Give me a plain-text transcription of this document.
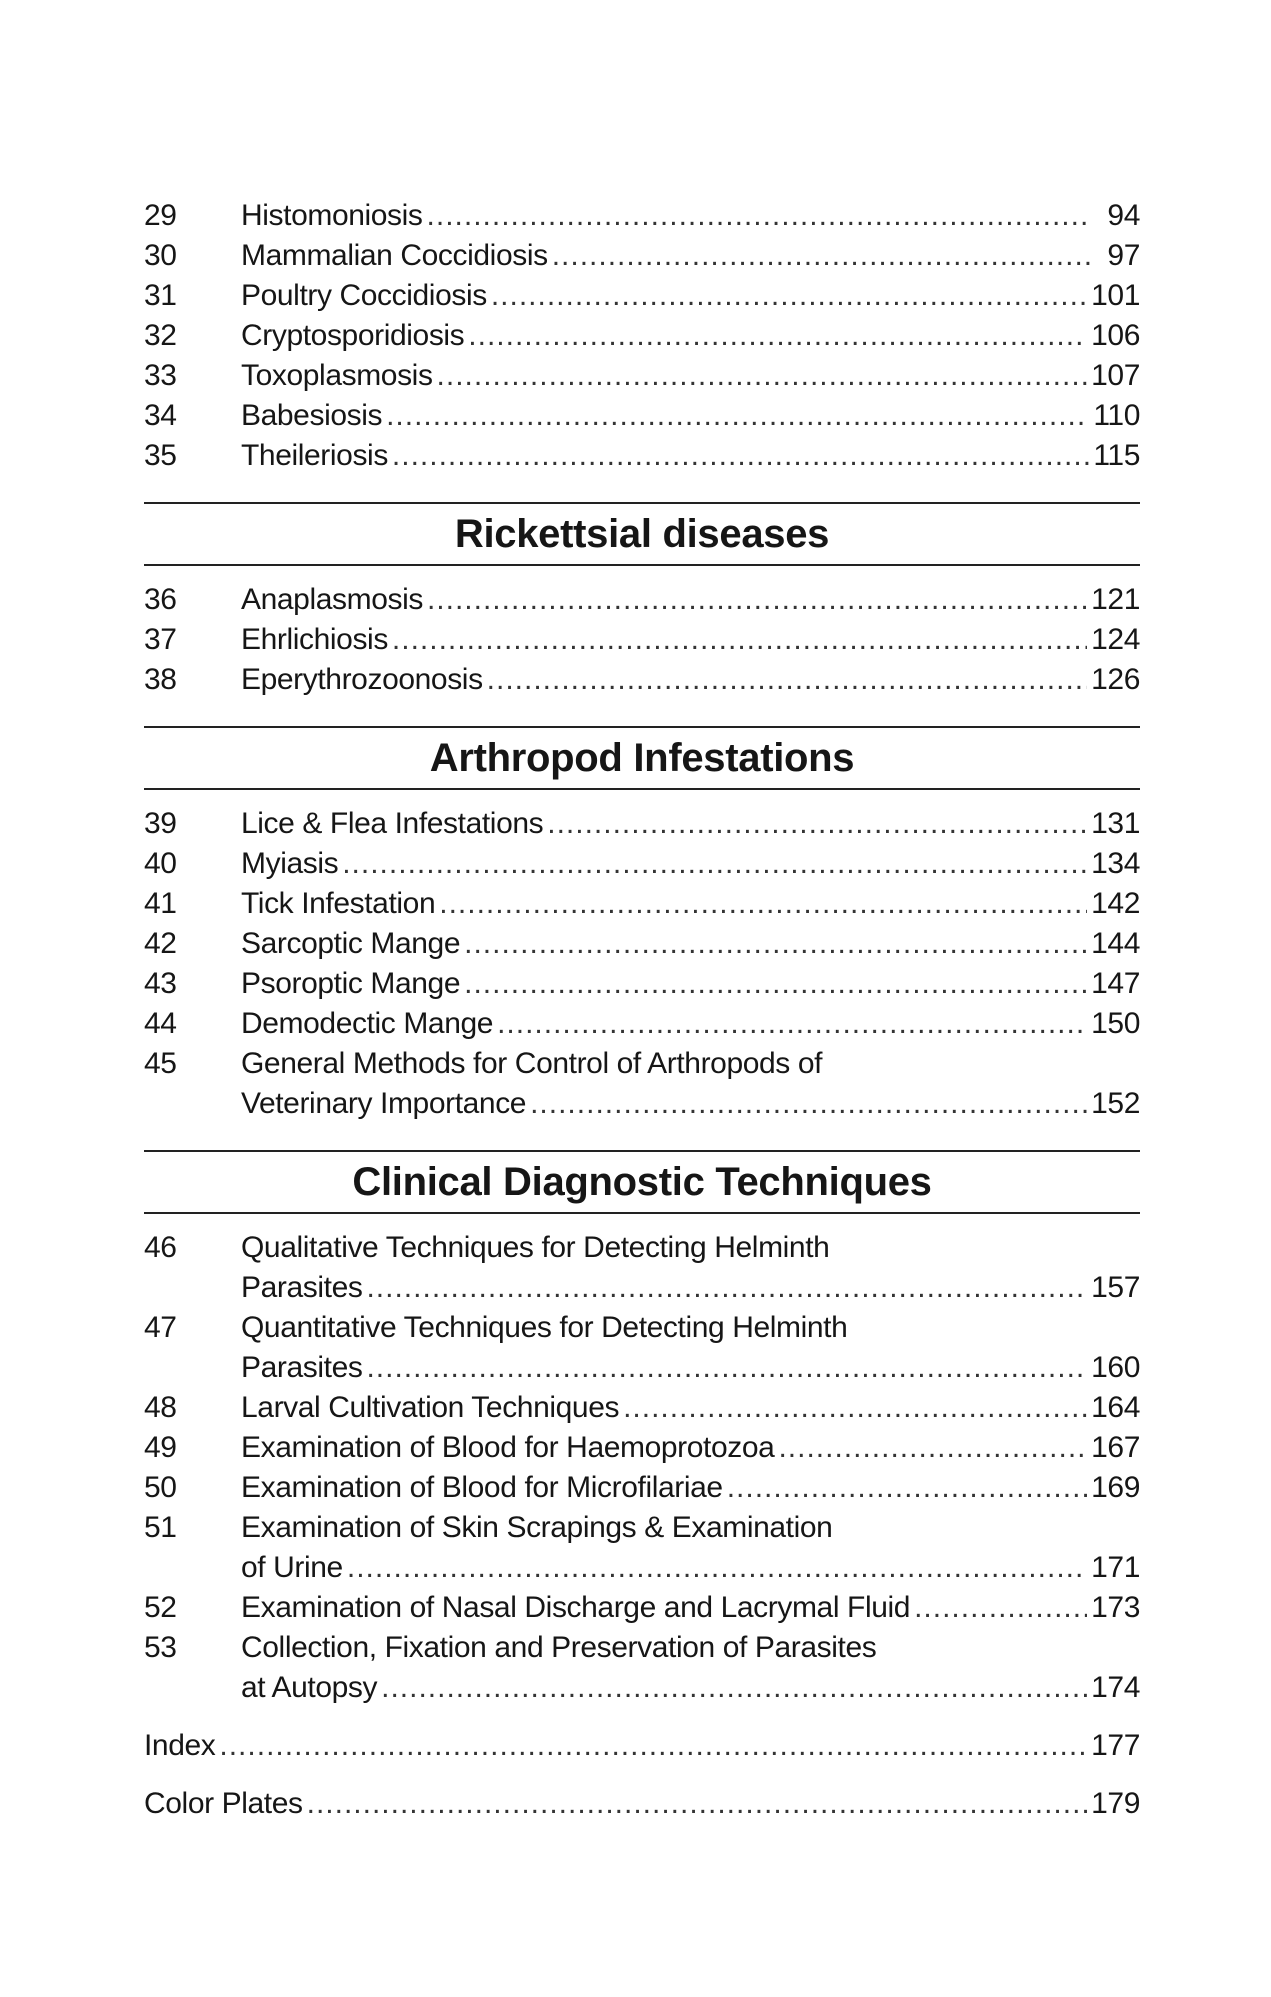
29	Histomoniosis .....	94
30	Mammalian Coccidiosis .....	97
31	Poultry Coccidiosis .....	101
32	Cryptosporidiosis .....	106
33	Toxoplasmosis .....	107
34	Babesiosis .....	110
35	Theileriosis .....	115
Rickettsial diseases
36	Anaplasmosis .....	121
37	Ehrlichiosis .....	124
38	Eperythrozoonosis .....	126
Arthropod Infestations
39	Lice & Flea Infestations .....	131
40	Myiasis .....	134
41	Tick Infestation .....	142
42	Sarcoptic Mange .....	144
43	Psoroptic Mange .....	147
44	Demodectic Mange .....	150
45	General Methods for Control of Arthropods of
Veterinary Importance .....	152
Clinical Diagnostic Techniques
46	Qualitative Techniques for Detecting Helminth
Parasites .....	157
47	Quantitative Techniques for Detecting Helminth
Parasites .....	160
48	Larval Cultivation Techniques .....	164
49	Examination of Blood for Haemoprotozoa .....	167
50	Examination of Blood for Microfilariae .....	169
51	Examination of Skin Scrapings & Examination
of Urine .....	171
52	Examination of Nasal Discharge and Lacrymal Fluid .....	173
53	Collection, Fixation and Preservation of Parasites
at Autopsy .....	174
Index .....	177
Color Plates .....	179
